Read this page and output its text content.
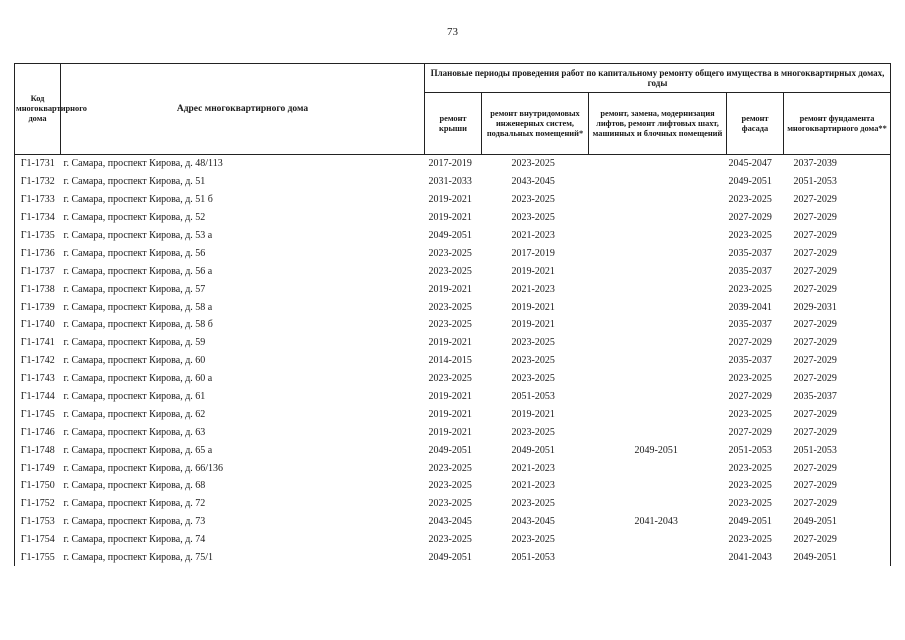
73
Код многоквартирного дома	Адрес многоквартирного дома	Плановые периоды проведения работ по капитальному ремонту общего имущества в многоквартирных домах, годы				
		ремонт крыши	ремонт внутридомовых инженерных систем, подвальных помещений*	ремонт, замена, модернизация лифтов, ремонт лифтовых шахт, машинных и блочных помещений	ремонт фасада	ремонт фундамента многоквартирного дома**
Г1-1731	г. Самара, проспект Кирова, д. 48/113	2017-2019	2023-2025		2045-2047	2037-2039
Г1-1732	г. Самара, проспект Кирова, д. 51	2031-2033	2043-2045		2049-2051	2051-2053
Г1-1733	г. Самара, проспект Кирова, д. 51 б	2019-2021	2023-2025		2023-2025	2027-2029
Г1-1734	г. Самара, проспект Кирова, д. 52	2019-2021	2023-2025		2027-2029	2027-2029
Г1-1735	г. Самара, проспект Кирова, д. 53 а	2049-2051	2021-2023		2023-2025	2027-2029
Г1-1736	г. Самара, проспект Кирова, д. 56	2023-2025	2017-2019		2035-2037	2027-2029
Г1-1737	г. Самара, проспект Кирова, д. 56 а	2023-2025	2019-2021		2035-2037	2027-2029
Г1-1738	г. Самара, проспект Кирова, д. 57	2019-2021	2021-2023		2023-2025	2027-2029
Г1-1739	г. Самара, проспект Кирова, д. 58 а	2023-2025	2019-2021		2039-2041	2029-2031
Г1-1740	г. Самара, проспект Кирова, д. 58 б	2023-2025	2019-2021		2035-2037	2027-2029
Г1-1741	г. Самара, проспект Кирова, д. 59	2019-2021	2023-2025		2027-2029	2027-2029
Г1-1742	г. Самара, проспект Кирова, д. 60	2014-2015	2023-2025		2035-2037	2027-2029
Г1-1743	г. Самара, проспект Кирова, д. 60 а	2023-2025	2023-2025		2023-2025	2027-2029
Г1-1744	г. Самара, проспект Кирова, д. 61	2019-2021	2051-2053		2027-2029	2035-2037
Г1-1745	г. Самара, проспект Кирова, д. 62	2019-2021	2019-2021		2023-2025	2027-2029
Г1-1746	г. Самара, проспект Кирова, д. 63	2019-2021	2023-2025		2027-2029	2027-2029
Г1-1748	г. Самара, проспект Кирова, д. 65 а	2049-2051	2049-2051	2049-2051	2051-2053	2051-2053
Г1-1749	г. Самара, проспект Кирова, д. 66/136	2023-2025	2021-2023		2023-2025	2027-2029
Г1-1750	г. Самара, проспект Кирова, д. 68	2023-2025	2021-2023		2023-2025	2027-2029
Г1-1752	г. Самара, проспект Кирова, д. 72	2023-2025	2023-2025		2023-2025	2027-2029
Г1-1753	г. Самара, проспект Кирова, д. 73	2043-2045	2043-2045	2041-2043	2049-2051	2049-2051
Г1-1754	г. Самара, проспект Кирова, д. 74	2023-2025	2023-2025		2023-2025	2027-2029
Г1-1755	г. Самара, проспект Кирова, д. 75/1	2049-2051	2051-2053		2041-2043	2049-2051
